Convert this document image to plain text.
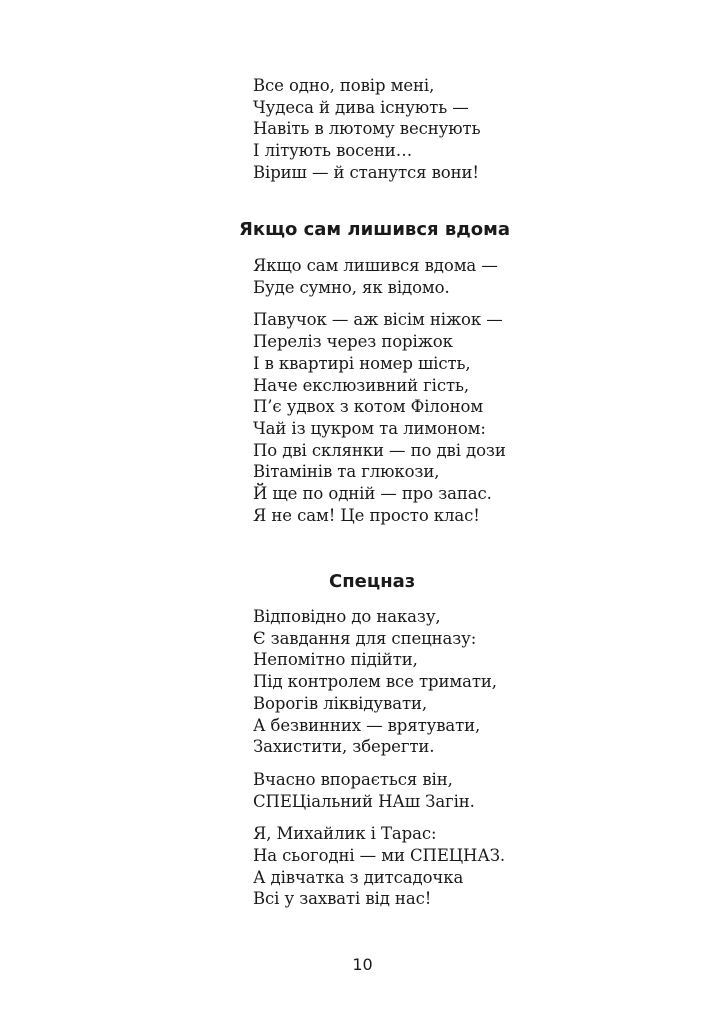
Все одно, повір мені,
Чудеса й дива існують —
Навіть в лютому веснують
І літують восени…
Віриш — й станутся вони!
Якщо сам лишився вдома
Якщо сам лишився вдома —
Буде сумно, як відомо.
Павучок — аж вісім ніжок —
Переліз через поріжок
І в квартирі номер шість,
Наче екслюзивний гість,
П’є удвох з котом Філоном
Чай із цукром та лимоном:
По дві склянки — по дві дози
Вітамінів та глюкози,
Й ще по одній — про запас.
Я не сам! Це просто клас!
Спецназ
Відповідно до наказу,
Є завдання для спецназу:
Непомітно підійти,
Під контролем все тримати,
Ворогів ліквідувати,
А безвинних — врятувати,
Захистити, зберегти.
Вчасно впорається він,
СПЕЦіальний НАш Загін.
Я, Михайлик і Тарас:
На сьогодні — ми СПЕЦНАЗ.
А дівчатка з дитсадочка
Всі у захваті від нас!
10
